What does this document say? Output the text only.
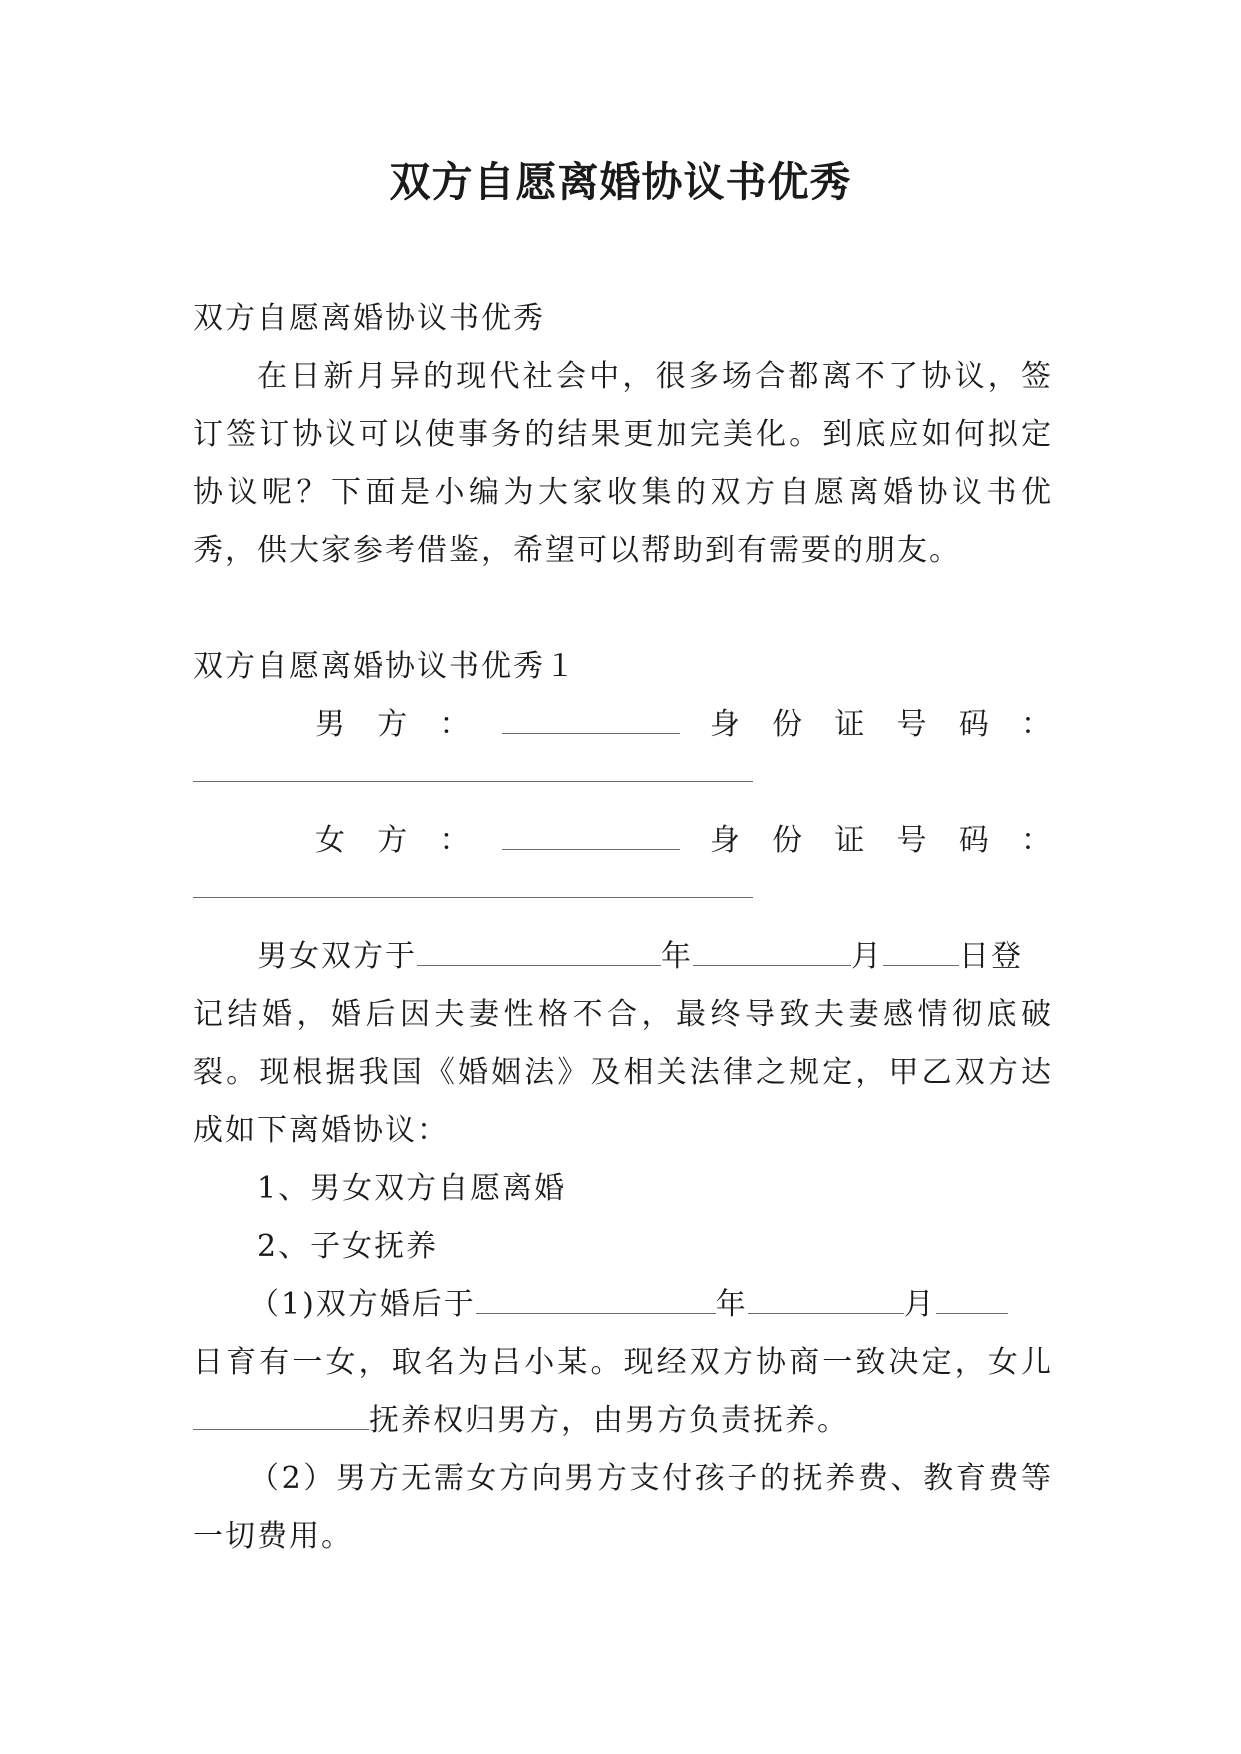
双方自愿离婚协议书优秀

双方自愿离婚协议书优秀

在日新月异的现代社会中，很多场合都离不了协议，签订签订协议可以使事务的结果更加完美化。到底应如何拟定协议呢？下面是小编为大家收集的双方自愿离婚协议书优秀，供大家参考借鉴，希望可以帮助到有需要的朋友。

双方自愿离婚协议书优秀１

男 方 ：	身 份 证 号 码 ：
女 方 ：	身 份 证 号 码 ：

男女双方于	年	月	日登

记结婚，婚后因夫妻性格不合，最终导致夫妻感情彻底破裂。现根据我国《婚姻法》及相关法律之规定，甲乙双方达成如下离婚协议：

1、男女双方自愿离婚

2、子女抚养

（1)双方婚后于	年	月

日育有一女，取名为吕小某。现经双方协商一致决定，女儿

抚养权归男方，由男方负责抚养。

（2）男方无需女方向男方支付孩子的抚养费、教育费等一切费用。
